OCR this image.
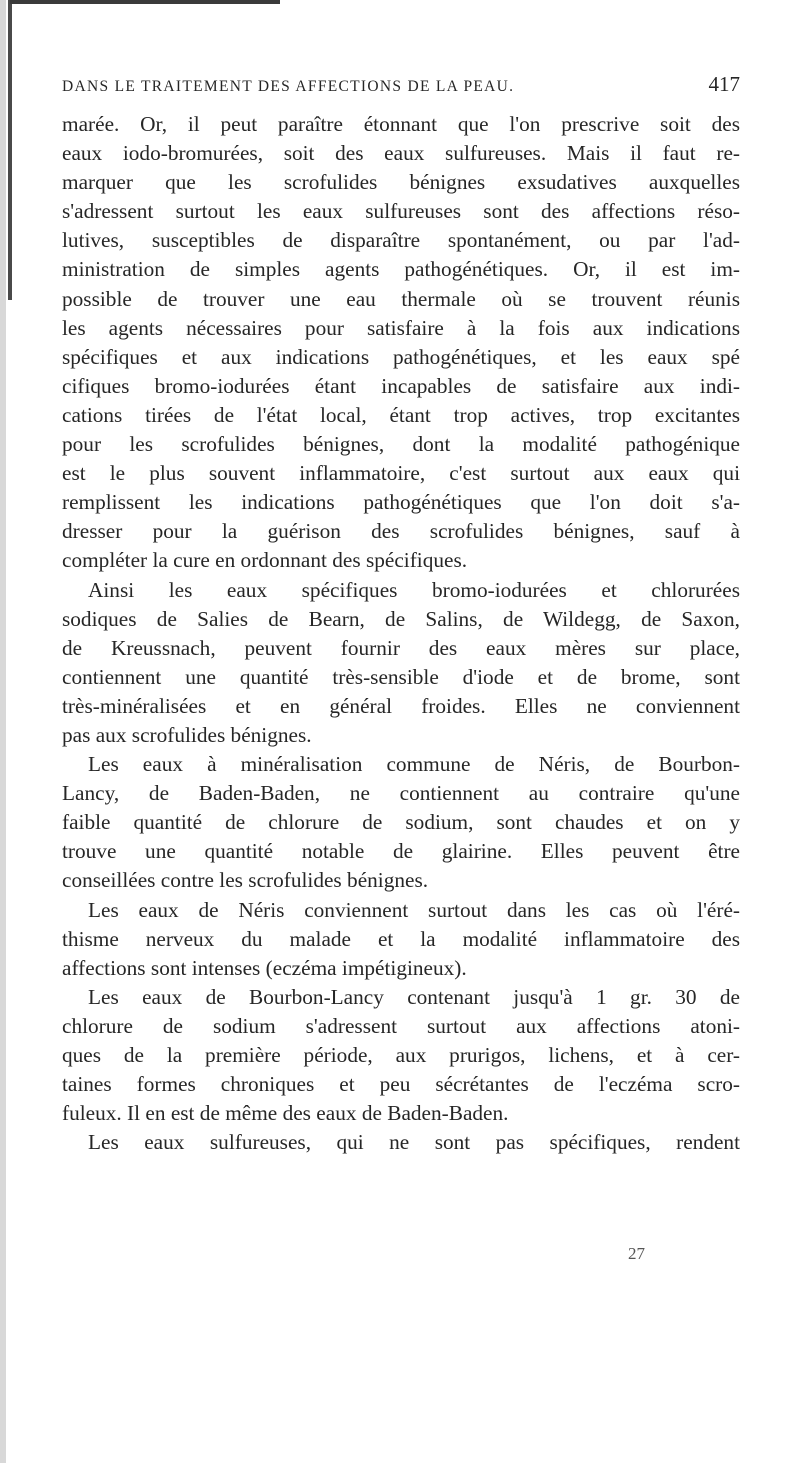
DANS LE TRAITEMENT DES AFFECTIONS DE LA PEAU.	417
marée. Or, il peut paraître étonnant que l'on prescrive soit des
eaux iodo-bromurées, soit des eaux sulfureuses. Mais il faut re-
marquer que les scrofulides bénignes exsudatives auxquelles
s'adressent surtout les eaux sulfureuses sont des affections réso-
lutives, susceptibles de disparaître spontanément, ou par l'ad-
ministration de simples agents pathogénétiques. Or, il est im-
possible de trouver une eau thermale où se trouvent réunis
les agents nécessaires pour satisfaire à la fois aux indications
spécifiques et aux indications pathogénétiques, et les eaux spé
cifiques bromo-iodurées étant incapables de satisfaire aux indi-
cations tirées de l'état local, étant trop actives, trop excitantes
pour les scrofulides bénignes, dont la modalité pathogénique
est le plus souvent inflammatoire, c'est surtout aux eaux qui
remplissent les indications pathogénétiques que l'on doit s'a-
dresser pour la guérison des scrofulides bénignes, sauf à
compléter la cure en ordonnant des spécifiques.
Ainsi les eaux spécifiques bromo-iodurées et chlorurées
sodiques de Salies de Bearn, de Salins, de Wildegg, de Saxon,
de Kreussnach, peuvent fournir des eaux mères sur place,
contiennent une quantité très-sensible d'iode et de brome, sont
très-minéralisées et en général froides. Elles ne conviennent
pas aux scrofulides bénignes.
Les eaux à minéralisation commune de Néris, de Bourbon-
Lancy, de Baden-Baden, ne contiennent au contraire qu'une
faible quantité de chlorure de sodium, sont chaudes et on y
trouve une quantité notable de glairine. Elles peuvent être
conseillées contre les scrofulides bénignes.
Les eaux de Néris conviennent surtout dans les cas où l'éré-
thisme nerveux du malade et la modalité inflammatoire des
affections sont intenses (eczéma impétigineux).
Les eaux de Bourbon-Lancy contenant jusqu'à 1 gr. 30 de
chlorure de sodium s'adressent surtout aux affections atoni-
ques de la première période, aux prurigos, lichens, et à cer-
taines formes chroniques et peu sécrétantes de l'eczéma scro-
fuleux. Il en est de même des eaux de Baden-Baden.
Les eaux sulfureuses, qui ne sont pas spécifiques, rendent
27
